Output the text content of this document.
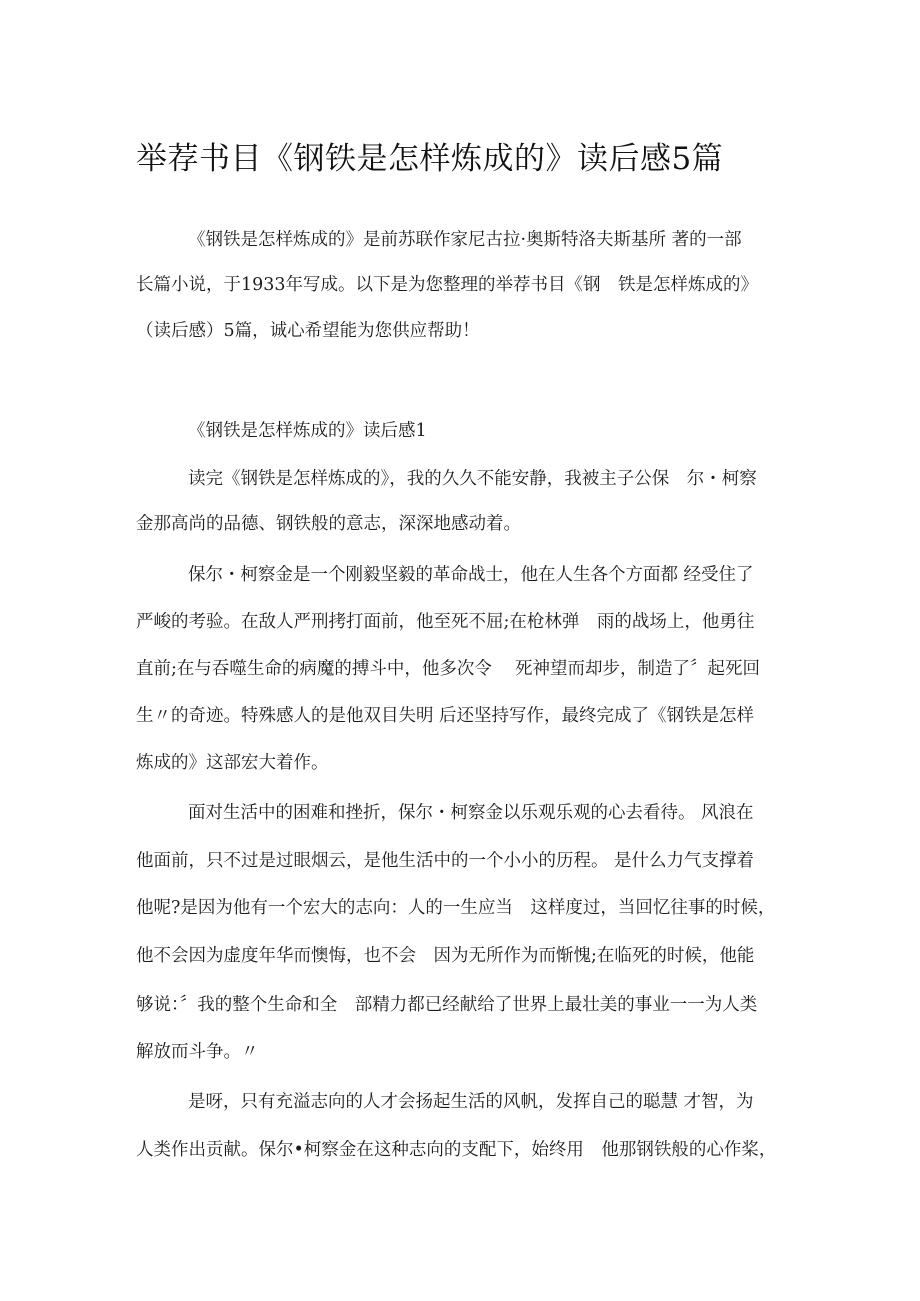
举荐书目《钢铁是怎样炼成的》读后感5篇
《钢铁是怎样炼成的》是前苏联作家尼古拉·奥斯特洛夫斯基所 著的一部
长篇小说，于1933年写成。以下是为您整理的举荐书目《钢　铁是怎样炼成的》
（读后感）5篇，诚心希望能为您供应帮助！
《钢铁是怎样炼成的》读后感1
读完《钢铁是怎样炼成的》，我的久久不能安静，我被主子公保　尔・柯察
金那高尚的品德、钢铁般的意志，深深地感动着。
保尔・柯察金是一个刚毅坚毅的革命战士，他在人生各个方面都 经受住了
严峻的考验。在敌人严刑拷打面前，他至死不屈;在枪林弹　雨的战场上，他勇往
直前;在与吞噬生命的病魔的搏斗中，他多次令　 死神望而却步，制造了〞起死回
生〃的奇迹。特殊感人的是他双目失明 后还坚持写作，最终完成了《钢铁是怎样
炼成的》这部宏大着作。
面对生活中的困难和挫折，保尔・柯察金以乐观乐观的心去看待。 风浪在
他面前，只不过是过眼烟云，是他生活中的一个小小的历程。 是什么力气支撑着
他呢?是因为他有一个宏大的志向：人的一生应当　这样度过，当回忆往事的时候，
他不会因为虚度年华而懊悔，也不会　因为无所作为而惭愧;在临死的时候，他能
够说：〞我的整个生命和全　部精力都已经献给了世界上最壮美的事业一一为人类
解放而斗争。〃
是呀，只有充溢志向的人才会扬起生活的风帆，发挥自己的聪慧 才智，为
人类作出贡献。保尔•柯察金在这种志向的支配下，始终用　他那钢铁般的心作桨，
